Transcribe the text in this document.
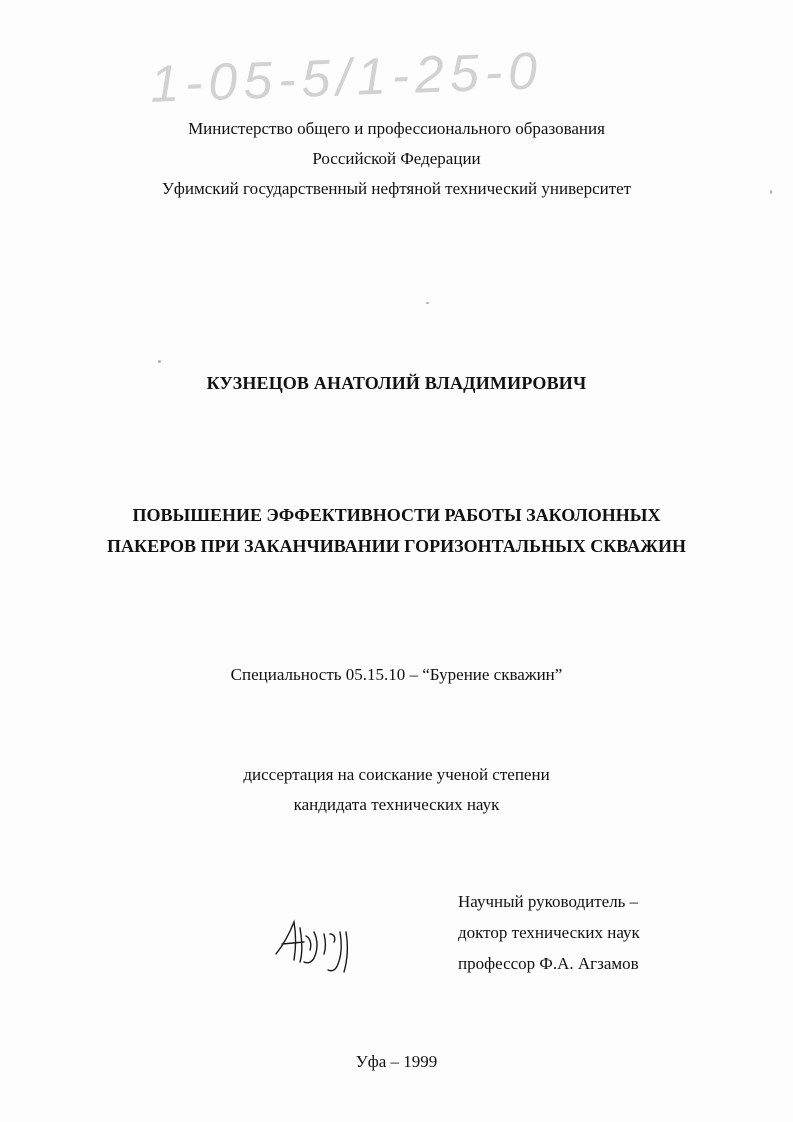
1-05-5/1-25-0
Министерство общего и профессионального образования
Российской Федерации
Уфимский государственный нефтяной технический университет
КУЗНЕЦОВ АНАТОЛИЙ ВЛАДИМИРОВИЧ
ПОВЫШЕНИЕ ЭФФЕКТИВНОСТИ РАБОТЫ ЗАКОЛОННЫХ
ПАКЕРОВ ПРИ ЗАКАНЧИВАНИИ ГОРИЗОНТАЛЬНЫХ СКВАЖИН
Специальность 05.15.10 – “Бурение скважин”
диссертация на соискание ученой степени
кандидата технических наук
Научный руководитель –
доктор технических наук
профессор Ф.А. Агзамов
Уфа – 1999
